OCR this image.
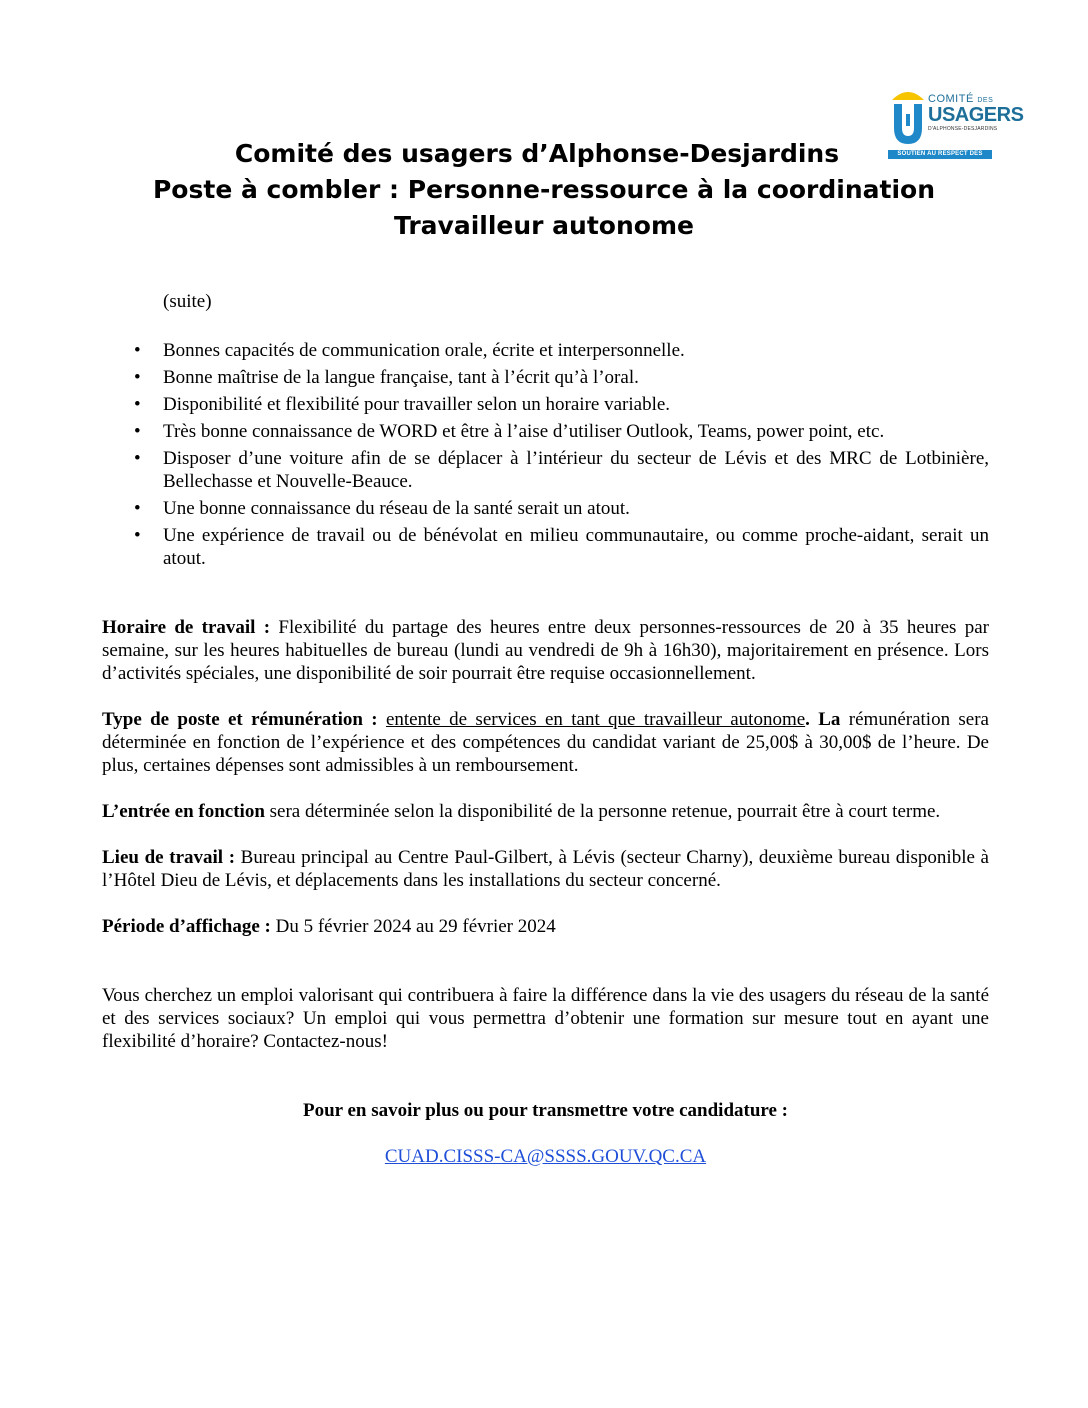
COMITÉ DES
USAGERS
D'ALPHONSE-DESJARDINS
SOUTIEN AU RESPECT DES DROITS
Comité des usagers d’Alphonse-Desjardins
Poste à combler : Personne-ressource à la coordination
Travailleur autonome
(suite)
• Bonnes capacités de communication orale, écrite et interpersonnelle.
• Bonne maîtrise de la langue française, tant à l’écrit qu’à l’oral.
• Disponibilité et flexibilité pour travailler selon un horaire variable.
• Très bonne connaissance de WORD et être à l’aise d’utiliser Outlook, Teams, power point, etc.
• Disposer d’une voiture afin de se déplacer à l’intérieur du secteur de Lévis et des MRC de Lotbinière, Bellechasse et Nouvelle-Beauce.
• Une bonne connaissance du réseau de la santé serait un atout.
• Une expérience de travail ou de bénévolat en milieu communautaire, ou comme proche-aidant, serait un atout.

Horaire de travail : Flexibilité du partage des heures entre deux personnes-ressources de 20 à 35 heures par semaine, sur les heures habituelles de bureau (lundi au vendredi de 9h à 16h30), majoritairement en présence. Lors d’activités spéciales, une disponibilité de soir pourrait être requise occasionnellement.

Type de poste et rémunération : entente de services en tant que travailleur autonome. La rémunération sera déterminée en fonction de l’expérience et des compétences du candidat variant de 25,00$ à 30,00$ de l’heure. De plus, certaines dépenses sont admissibles à un remboursement.

L’entrée en fonction sera déterminée selon la disponibilité de la personne retenue, pourrait être à court terme.

Lieu de travail : Bureau principal au Centre Paul-Gilbert, à Lévis (secteur Charny), deuxième bureau disponible à l’Hôtel Dieu de Lévis, et déplacements dans les installations du secteur concerné.

Période d’affichage : Du 5 février 2024 au 29 février 2024

Vous cherchez un emploi valorisant qui contribuera à faire la différence dans la vie des usagers du réseau de la santé et des services sociaux? Un emploi qui vous permettra d’obtenir une formation sur mesure tout en ayant une flexibilité d’horaire? Contactez-nous!

Pour en savoir plus ou pour transmettre votre candidature :

CUAD.CISSS-CA@SSSS.GOUV.QC.CA
